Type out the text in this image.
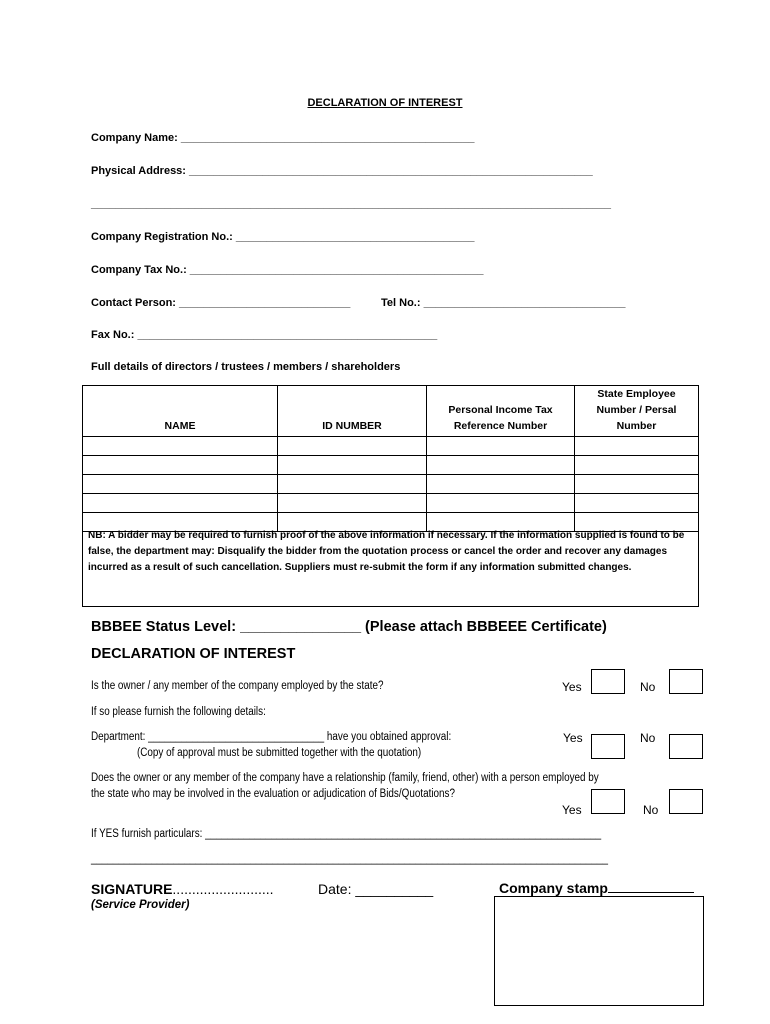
DECLARATION OF INTEREST
Company Name: ________________________________________________
Physical Address: __________________________________________________________________
_____________________________________________________________________________________
Company Registration No.: _______________________________________
Company Tax No.: ________________________________________________
Contact Person: ____________________________	Tel No.: _________________________________
Fax No.: _________________________________________________
Full details of directors / trustees / members / shareholders
NAME	ID NUMBER	Personal Income Tax Reference Number	State Employee Number / Persal Number

NB: A bidder may be required to furnish proof of the above information if necessary. If the information supplied is found to be false, the department may: Disqualify the bidder from the quotation process or cancel the order and recover any damages incurred as a result of such cancellation. Suppliers must re-submit the form if any information submitted changes.
BBBEE Status Level: _______________ (Please attach BBBEEE Certificate)
DECLARATION OF INTEREST
Is the owner / any member of the company employed by the state?	Yes	No
If so please furnish the following details:
Department: ________________________________ have you obtained approval:	Yes	No
(Copy of approval must be submitted together with the quotation)
Does the owner or any member of the company have a relationship (family, friend, other) with a person employed by
the state who may be involved in the evaluation or adjudication of Bids/Quotations?
Yes	No
If YES furnish particulars: ________________________________________________________________________
______________________________________________________________________________________________
SIGNATURE..........................
(Service Provider)
Date: __________	Company stamp
